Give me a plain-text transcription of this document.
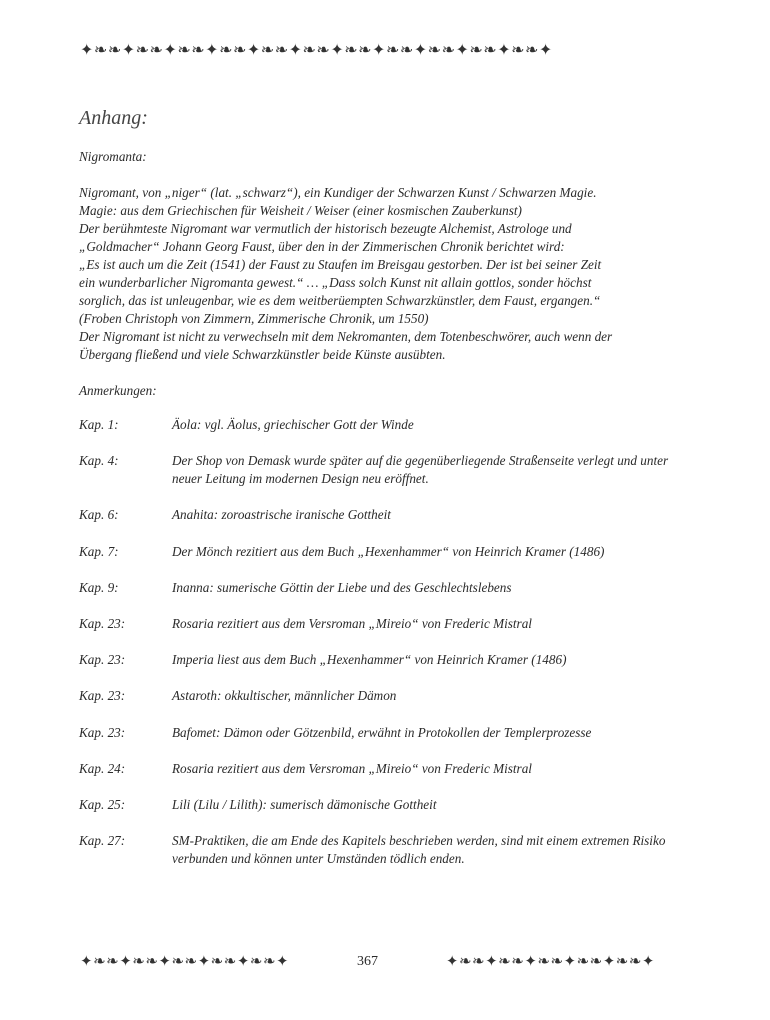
✦❧❧✦❧❧✦❧❧✦❧❧✦❧❧✦❧❧✦❧❧✦❧❧✦❧❧✦❧❧✦❧❧✦
Anhang:
Nigromanta:

Nigromant, von „niger“ (lat. „schwarz“), ein Kundiger der Schwarzen Kunst / Schwarzen Magie.

Magie: aus dem Griechischen für Weisheit / Weiser (einer kosmischen Zauberkunst)

Der berühmteste Nigromant war vermutlich der historisch bezeugte Alchemist, Astrologe und

„Goldmacher“ Johann Georg Faust, über den in der Zimmerischen Chronik berichtet wird:

„Es ist auch um die Zeit (1541) der Faust zu Staufen im Breisgau gestorben. Der ist bei seiner Zeit

ein wunderbarlicher Nigromanta gewest.“ … „Dass solch Kunst nit allain gottlos, sonder höchst

sorglich, das ist unleugenbar, wie es dem weitberüempten Schwarzkünstler, dem Faust, ergangen.“

(Froben Christoph von Zimmern, Zimmerische Chronik, um 1550)

Der Nigromant ist nicht zu verwechseln mit dem Nekromanten, dem Totenbeschwörer, auch wenn der

Übergang fließend und viele Schwarzkünstler beide Künste ausübten.

Anmerkungen:
Kap. 1:	Äola: vgl. Äolus, griechischer Gott der Winde
Kap. 4:	Der Shop von Demask wurde später auf die gegenüberliegende Straßenseite verlegt und unter neuer Leitung im modernen Design neu eröffnet.
Kap. 6:	Anahita: zoroastrische iranische Gottheit
Kap. 7:	Der Mönch rezitiert aus dem Buch „Hexenhammer“ von Heinrich Kramer (1486)
Kap. 9:	Inanna: sumerische Göttin der Liebe und des Geschlechtslebens
Kap. 23:	Rosaria rezitiert aus dem Versroman „Mireio“ von Frederic Mistral
Kap. 23:	Imperia liest aus dem Buch „Hexenhammer“ von Heinrich Kramer (1486)
Kap. 23:	Astaroth: okkultischer, männlicher Dämon
Kap. 23:	Bafomet: Dämon oder Götzenbild, erwähnt in Protokollen der Templerprozesse
Kap. 24:	Rosaria rezitiert aus dem Versroman „Mireio“ von Frederic Mistral
Kap. 25:	Lili (Lilu / Lilith): sumerisch dämonische Gottheit
Kap. 27:	SM-Praktiken, die am Ende des Kapitels beschrieben werden, sind mit einem extremen Risiko verbunden und können unter Umständen tödlich enden.
✦❧❧✦❧❧✦❧❧✦❧❧✦❧❧✦	367	✦❧❧✦❧❧✦❧❧✦❧❧✦❧❧✦
